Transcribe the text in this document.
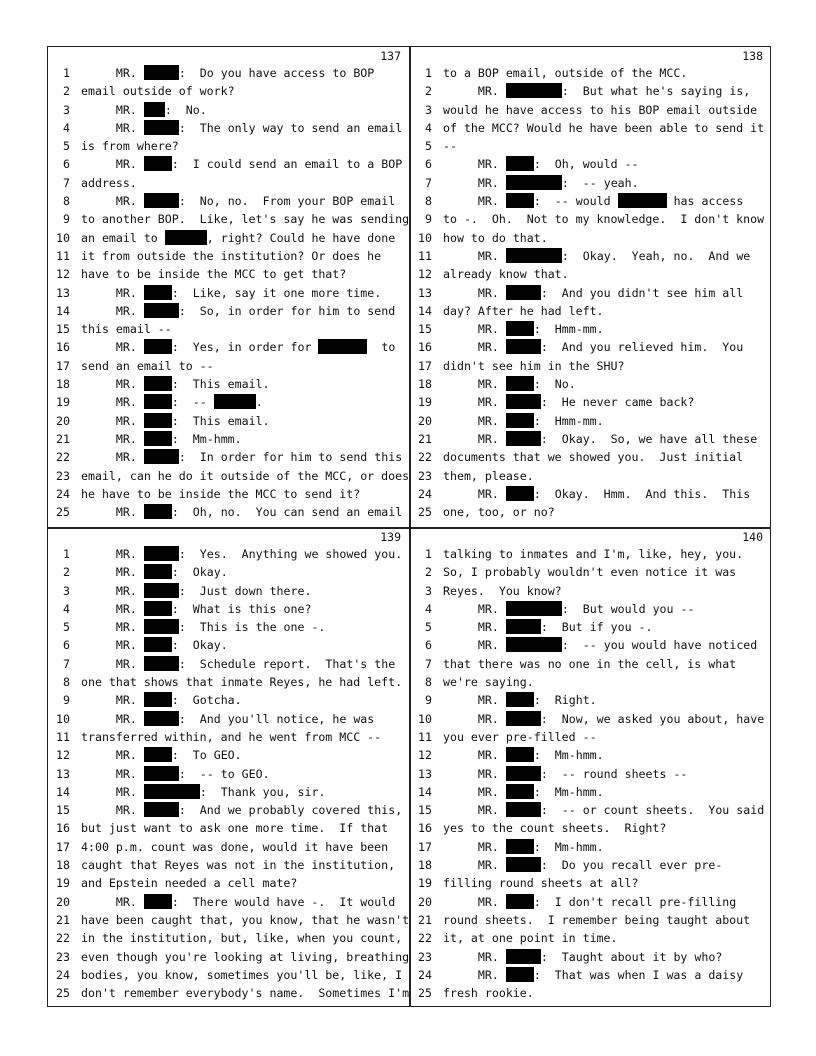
137
1 MR.	:  Do you have access to BOP
2 email outside of work?
3 MR. :  No.
4 MR.	:  The only way to send an email
5 is from where?
6 MR. :  I could send an email to a BOP
7 address.
8 MR.	:  No, no.  From your BOP email
9 to another BOP.  Like, let's say he was sending
10 an email to	, right? Could he have done
11 it from outside the institution? Or does he
12 have to be inside the MCC to get that?
13 MR. :  Like, say it one more time.
14 MR.	:  So, in order for him to send
15 this email --
16 MR. :  Yes, in order for	to
17 send an email to --
18 MR. :  This email.
19 MR. :  --	.
20 MR. :  This email.
21 MR. :  Mm-hmm.
22 MR.	:  In order for him to send this
23 email, can he do it outside of the MCC, or does
24 he have to be inside the MCC to send it?
25 MR. :  Oh, no.  You can send an email
138
1 to a BOP email, outside of the MCC.
2 MR.	:  But what he's saying is,
3 would he have access to his BOP email outside
4 of the MCC? Would he have been able to send it
5 --
6 MR. :  Oh, would --
7 MR.	:  -- yeah.
8 MR. :  -- would	has access
9 to -.  Oh.  Not to my knowledge.  I don't know
10 how to do that.
11 MR.	:  Okay.  Yeah, no.  And we
12 already know that.
13 MR.	:  And you didn't see him all
14 day? After he had left.
15 MR. :  Hmm-mm.
16 MR.	:  And you relieved him.  You
17 didn't see him in the SHU?
18 MR. :  No.
19 MR.	:  He never came back?
20 MR. :  Hmm-mm.
21 MR.	:  Okay.  So, we have all these
22 documents that we showed you.  Just initial
23 them, please.
24 MR. :  Okay.  Hmm.  And this.  This
25 one, too, or no?
139
1 MR.	:  Yes.  Anything we showed you.
2 MR. :  Okay.
3 MR.	:  Just down there.
4 MR. :  What is this one?
5 MR.	:  This is the one -.
6 MR. :  Okay.
7 MR.	:  Schedule report.  That's the
8 one that shows that inmate Reyes, he had left.
9 MR. :  Gotcha.
10 MR.	:  And you'll notice, he was
11 transferred within, and he went from MCC --
12 MR. :  To GEO.
13 MR.	:  -- to GEO.
14 MR.	:  Thank you, sir.
15 MR.	:  And we probably covered this,
16 but just want to ask one more time.  If that
17 4:00 p.m. count was done, would it have been
18 caught that Reyes was not in the institution,
19 and Epstein needed a cell mate?
20 MR. :  There would have -.  It would
21 have been caught that, you know, that he wasn't
22 in the institution, but, like, when you count,
23 even though you're looking at living, breathing
24 bodies, you know, sometimes you'll be, like, I
25 don't remember everybody's name.  Sometimes I'm
140
1 talking to inmates and I'm, like, hey, you.
2 So, I probably wouldn't even notice it was
3 Reyes.  You know?
4 MR.	:  But would you --
5 MR.	:  But if you -.
6 MR.	:  -- you would have noticed
7 that there was no one in the cell, is what
8 we're saying.
9 MR. :  Right.
10 MR.	:  Now, we asked you about, have
11 you ever pre-filled --
12 MR. :  Mm-hmm.
13 MR.	:  -- round sheets --
14 MR. :  Mm-hmm.
15 MR.	:  -- or count sheets.  You said
16 yes to the count sheets.  Right?
17 MR. :  Mm-hmm.
18 MR.	:  Do you recall ever pre-
19 filling round sheets at all?
20 MR. :  I don't recall pre-filling
21 round sheets.  I remember being taught about
22 it, at one point in time.
23 MR.	:  Taught about it by who?
24 MR. :  That was when I was a daisy
25 fresh rookie.
